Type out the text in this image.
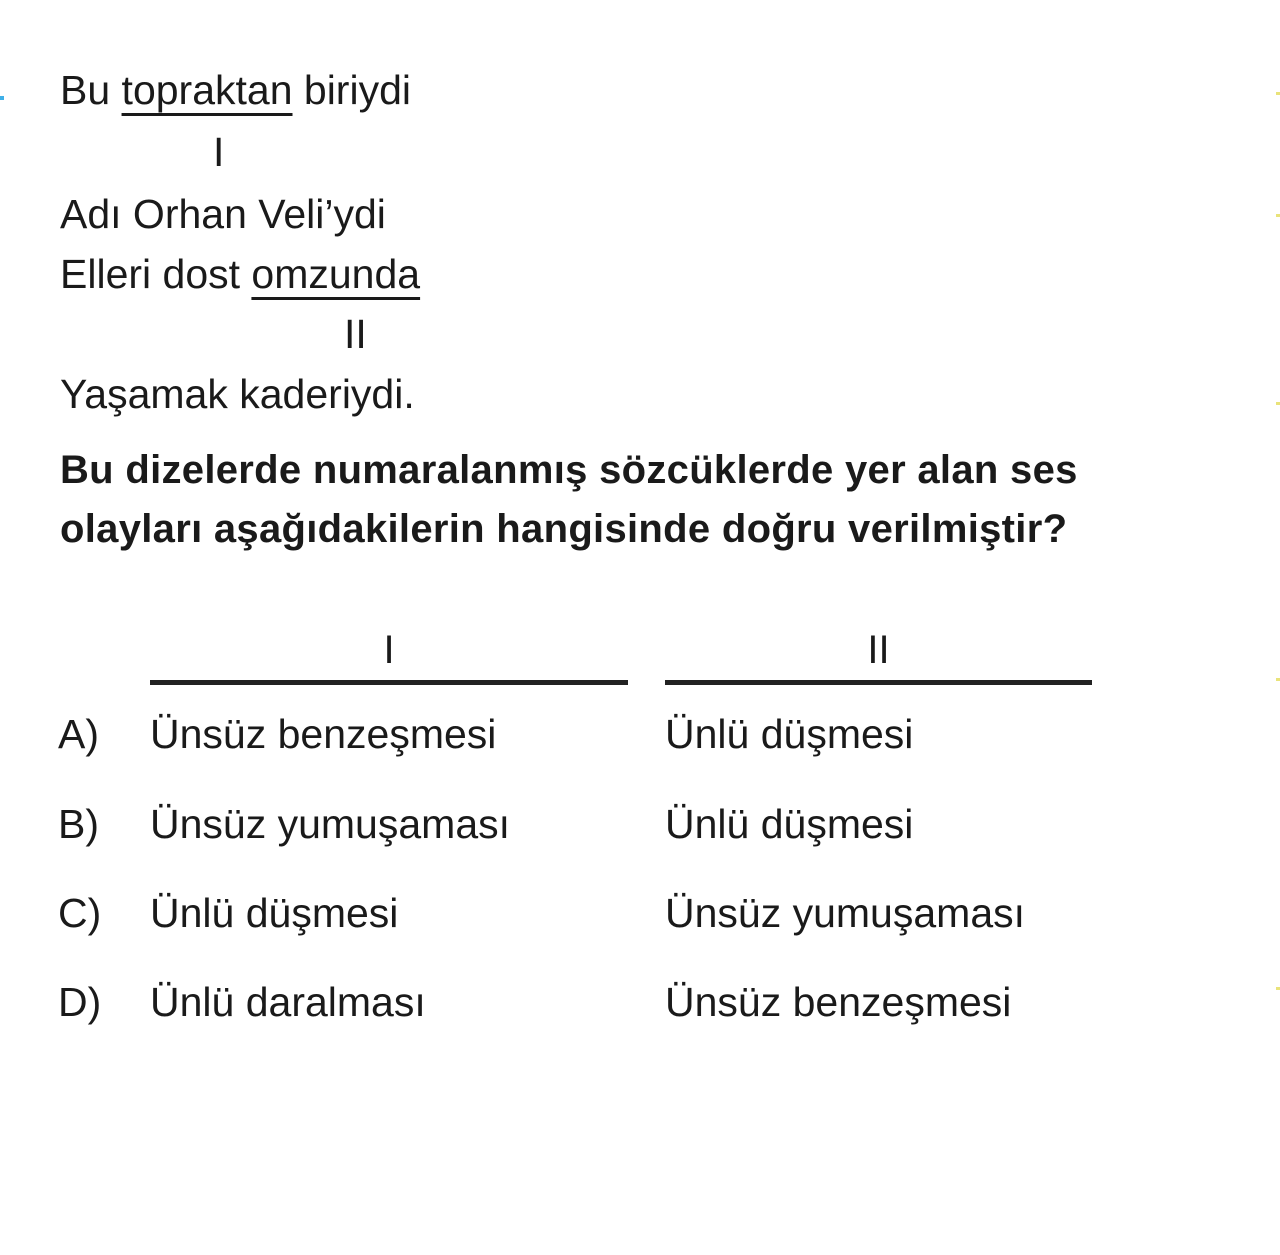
Bu topraktan biriydi
I
Adı Orhan Veli’ydi
Elleri dost omzunda
II
Yaşamak kaderiydi.
Bu dizelerde numaralanmış sözcüklerde yer alan ses
olayları aşağıdakilerin hangisinde doğru verilmiştir?
I	II
A) Ünsüz benzeşmesi	Ünlü düşmesi
B) Ünsüz yumuşaması	Ünlü düşmesi
C) Ünlü düşmesi	Ünsüz yumuşaması
D) Ünlü daralması	Ünsüz benzeşmesi
